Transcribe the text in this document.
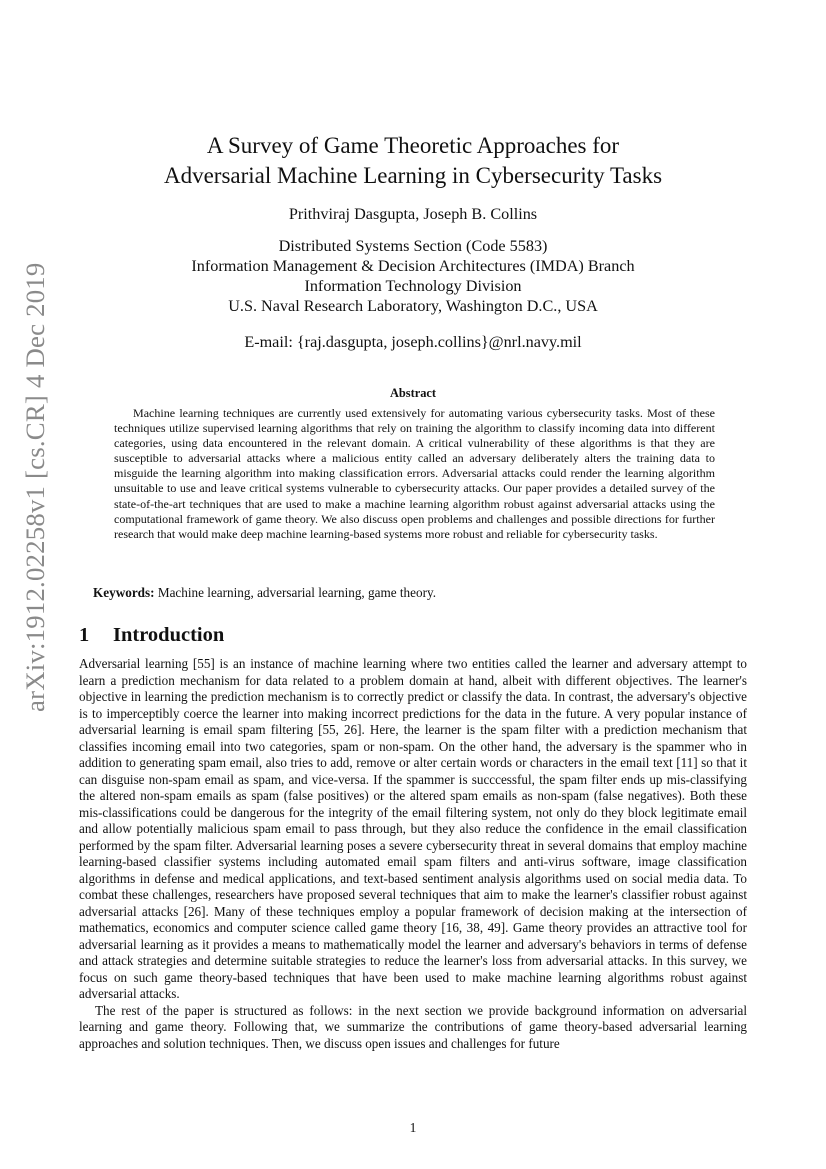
arXiv:1912.02258v1 [cs.CR] 4 Dec 2019
A Survey of Game Theoretic Approaches for
Adversarial Machine Learning in Cybersecurity Tasks
Prithviraj Dasgupta, Joseph B. Collins
Distributed Systems Section (Code 5583)
Information Management & Decision Architectures (IMDA) Branch
Information Technology Division
U.S. Naval Research Laboratory, Washington D.C., USA
E-mail: {raj.dasgupta, joseph.collins}@nrl.navy.mil
Abstract

Machine learning techniques are currently used extensively for automating various cybersecurity tasks. Most of these techniques utilize supervised learning algorithms that rely on training the algorithm to classify incoming data into different categories, using data encountered in the relevant domain. A critical vulnerability of these algorithms is that they are susceptible to adversarial attacks where a malicious entity called an adversary deliberately alters the training data to misguide the learning algorithm into making classification errors. Adversarial attacks could render the learning algorithm unsuitable to use and leave critical systems vulnerable to cybersecurity attacks. Our paper provides a detailed survey of the state-of-the-art techniques that are used to make a machine learning algorithm robust against adversarial attacks using the computational framework of game theory. We also discuss open problems and challenges and possible directions for further research that would make deep machine learning-based systems more robust and reliable for cybersecurity tasks.

Keywords: Machine learning, adversarial learning, game theory.
1 Introduction

Adversarial learning [55] is an instance of machine learning where two entities called the learner and adversary attempt to learn a prediction mechanism for data related to a problem domain at hand, albeit with different objectives. The learner's objective in learning the prediction mechanism is to correctly predict or classify the data. In contrast, the adversary's objective is to imperceptibly coerce the learner into making incorrect predictions for the data in the future. A very popular instance of adversarial learning is email spam filtering [55, 26]. Here, the learner is the spam filter with a prediction mechanism that classifies incoming email into two categories, spam or non-spam. On the other hand, the adversary is the spammer who in addition to generating spam email, also tries to add, remove or alter certain words or characters in the email text [11] so that it can disguise non-spam email as spam, and vice-versa. If the spammer is succcessful, the spam filter ends up mis-classifying the altered non-spam emails as spam (false positives) or the altered spam emails as non-spam (false negatives). Both these mis-classifications could be dangerous for the integrity of the email filtering system, not only do they block legitimate email and allow potentially malicious spam email to pass through, but they also reduce the confidence in the email classification performed by the spam filter. Adversarial learning poses a severe cybersecurity threat in several domains that employ machine learning-based classifier systems including automated email spam filters and anti-virus software, image classification algorithms in defense and medical applications, and text-based sentiment analysis algorithms used on social media data. To combat these challenges, researchers have proposed several techniques that aim to make the learner's classifier robust against adversarial attacks [26]. Many of these techniques employ a popular framework of decision making at the intersection of mathematics, economics and computer science called game theory [16, 38, 49]. Game theory provides an attractive tool for adversarial learning as it provides a means to mathematically model the learner and adversary's behaviors in terms of defense and attack strategies and determine suitable strategies to reduce the learner's loss from adversarial attacks. In this survey, we focus on such game theory-based techniques that have been used to make machine learning algorithms robust against adversarial attacks.

The rest of the paper is structured as follows: in the next section we provide background information on adversarial learning and game theory. Following that, we summarize the contributions of game theory-based adversarial learning approaches and solution techniques. Then, we discuss open issues and challenges for future

1
